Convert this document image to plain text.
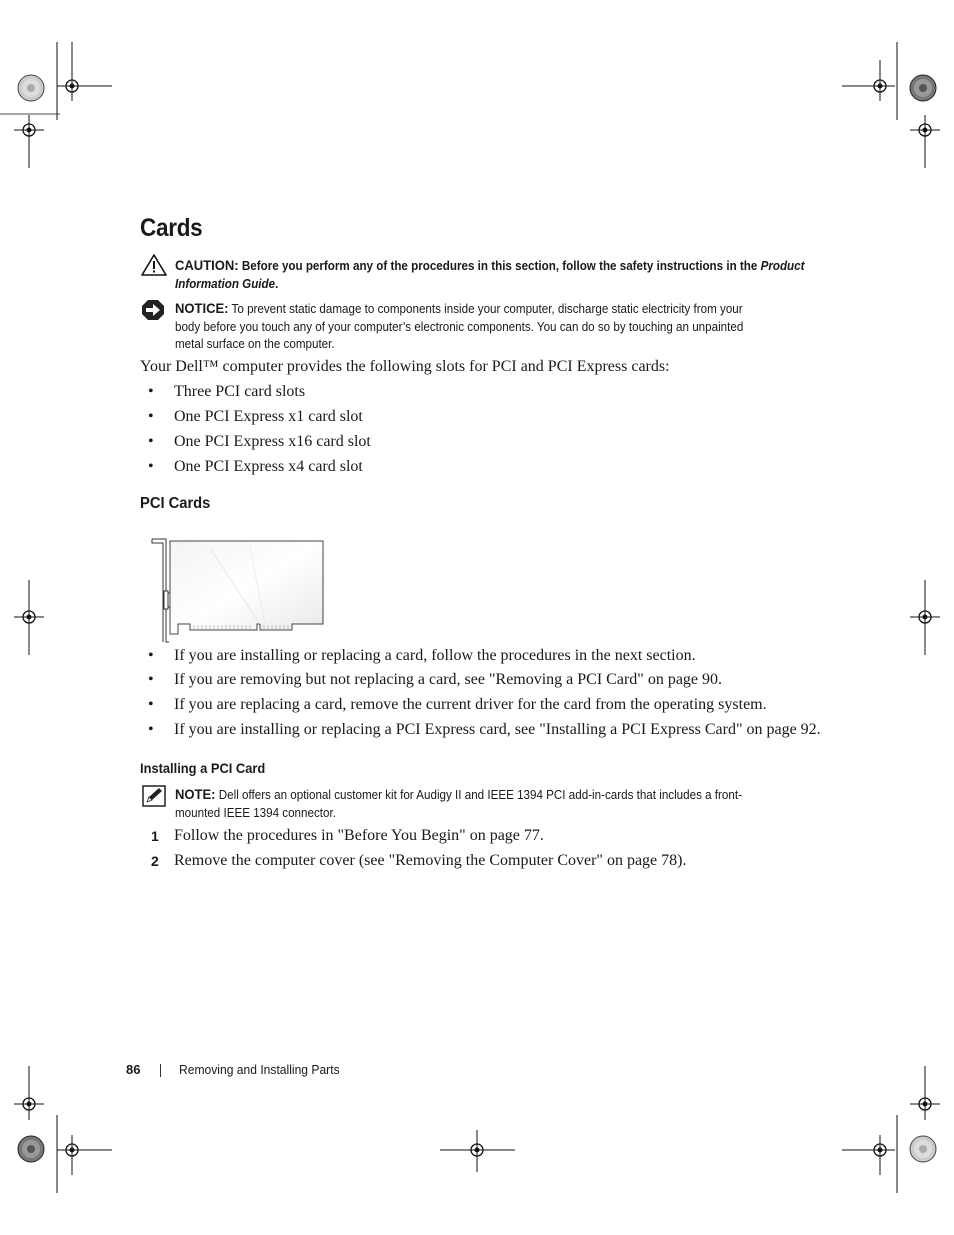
Cards
CAUTION: Before you perform any of the procedures in this section, follow the safety instructions in the Product Information Guide.
NOTICE: To prevent static damage to components inside your computer, discharge static electricity from your
body before you touch any of your computer’s electronic components. You can do so by touching an unpainted
metal surface on the computer.
Your Dell™ computer provides the following slots for PCI and PCI Express cards:
• Three PCI card slots
• One PCI Express x1 card slot
• One PCI Express x16 card slot
• One PCI Express x4 card slot
PCI Cards
• If you are installing or replacing a card, follow the procedures in the next section.
• If you are removing but not replacing a card, see "Removing a PCI Card" on page 90.
• If you are replacing a card, remove the current driver for the card from the operating system.
• If you are installing or replacing a PCI Express card, see "Installing a PCI Express Card" on page 92.
Installing a PCI Card
NOTE: Dell offers an optional customer kit for Audigy II and IEEE 1394 PCI add-in-cards that includes a front-
mounted IEEE 1394 connector.
1 Follow the procedures in "Before You Begin" on page 77.
2 Remove the computer cover (see "Removing the Computer Cover" on page 78).
86	Removing and Installing Parts
